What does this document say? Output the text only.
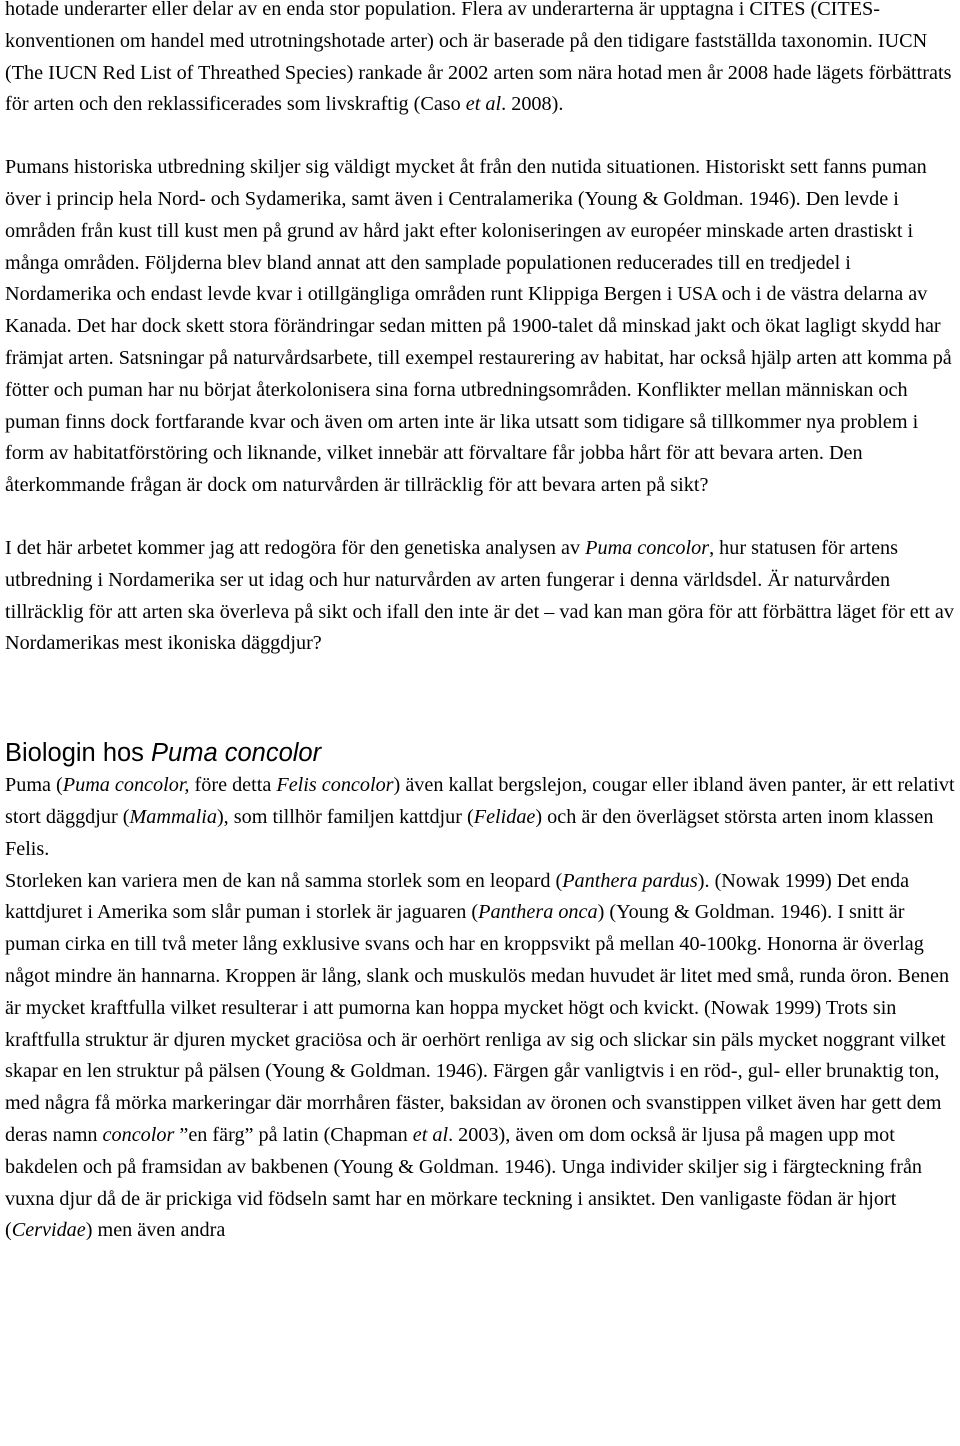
hotade underarter eller delar av en enda stor population. Flera av underarterna är upptagna i CITES (CITES-konventionen om handel med utrotningshotade arter) och är baserade på den tidigare fastställda taxonomin. IUCN (The IUCN Red List of Threathed Species) rankade år 2002 arten som nära hotad men år 2008 hade lägets förbättrats för arten och den reklassificerades som livskraftig (Caso et al. 2008).

Pumans historiska utbredning skiljer sig väldigt mycket åt från den nutida situationen. Historiskt sett fanns puman över i princip hela Nord- och Sydamerika, samt även i Centralamerika (Young & Goldman. 1946). Den levde i områden från kust till kust men på grund av hård jakt efter koloniseringen av européer minskade arten drastiskt i många områden. Följderna blev bland annat att den samplade populationen reducerades till en tredjedel i Nordamerika och endast levde kvar i otillgängliga områden runt Klippiga Bergen i USA och i de västra delarna av Kanada. Det har dock skett stora förändringar sedan mitten på 1900-talet då minskad jakt och ökat lagligt skydd har främjat arten. Satsningar på naturvårdsarbete, till exempel restaurering av habitat, har också hjälp arten att komma på fötter och puman har nu börjat återkolonisera sina forna utbredningsområden. Konflikter mellan människan och puman finns dock fortfarande kvar och även om arten inte är lika utsatt som tidigare så tillkommer nya problem i form av habitatförstöring och liknande, vilket innebär att förvaltare får jobba hårt för att bevara arten. Den återkommande frågan är dock om naturvården är tillräcklig för att bevara arten på sikt?

I det här arbetet kommer jag att redogöra för den genetiska analysen av Puma concolor, hur statusen för artens utbredning i Nordamerika ser ut idag och hur naturvården av arten fungerar i denna världsdel. Är naturvården tillräcklig för att arten ska överleva på sikt och ifall den inte är det – vad kan man göra för att förbättra läget för ett av Nordamerikas mest ikoniska däggdjur?

Biologin hos Puma concolor

Puma (Puma concolor, före detta Felis concolor) även kallat bergslejon, cougar eller ibland även panter, är ett relativt stort däggdjur (Mammalia), som tillhör familjen kattdjur (Felidae) och är den överlägset största arten inom klassen Felis.

Storleken kan variera men de kan nå samma storlek som en leopard (Panthera pardus). (Nowak 1999) Det enda kattdjuret i Amerika som slår puman i storlek är jaguaren (Panthera onca) (Young & Goldman. 1946). I snitt är puman cirka en till två meter lång exklusive svans och har en kroppsvikt på mellan 40-100kg. Honorna är överlag något mindre än hannarna. Kroppen är lång, slank och muskulös medan huvudet är litet med små, runda öron. Benen är mycket kraftfulla vilket resulterar i att pumorna kan hoppa mycket högt och kvickt. (Nowak 1999) Trots sin kraftfulla struktur är djuren mycket graciösa och är oerhört renliga av sig och slickar sin päls mycket noggrant vilket skapar en len struktur på pälsen (Young & Goldman. 1946). Färgen går vanligtvis i en röd-, gul- eller brunaktig ton, med några få mörka markeringar där morrhåren fäster, baksidan av öronen och svanstippen vilket även har gett dem deras namn concolor ”en färg” på latin (Chapman et al. 2003), även om dom också är ljusa på magen upp mot bakdelen och på framsidan av bakbenen (Young & Goldman. 1946). Unga individer skiljer sig i färgteckning från vuxna djur då de är prickiga vid födseln samt har en mörkare teckning i ansiktet. Den vanligaste födan är hjort (Cervidae) men även andra
